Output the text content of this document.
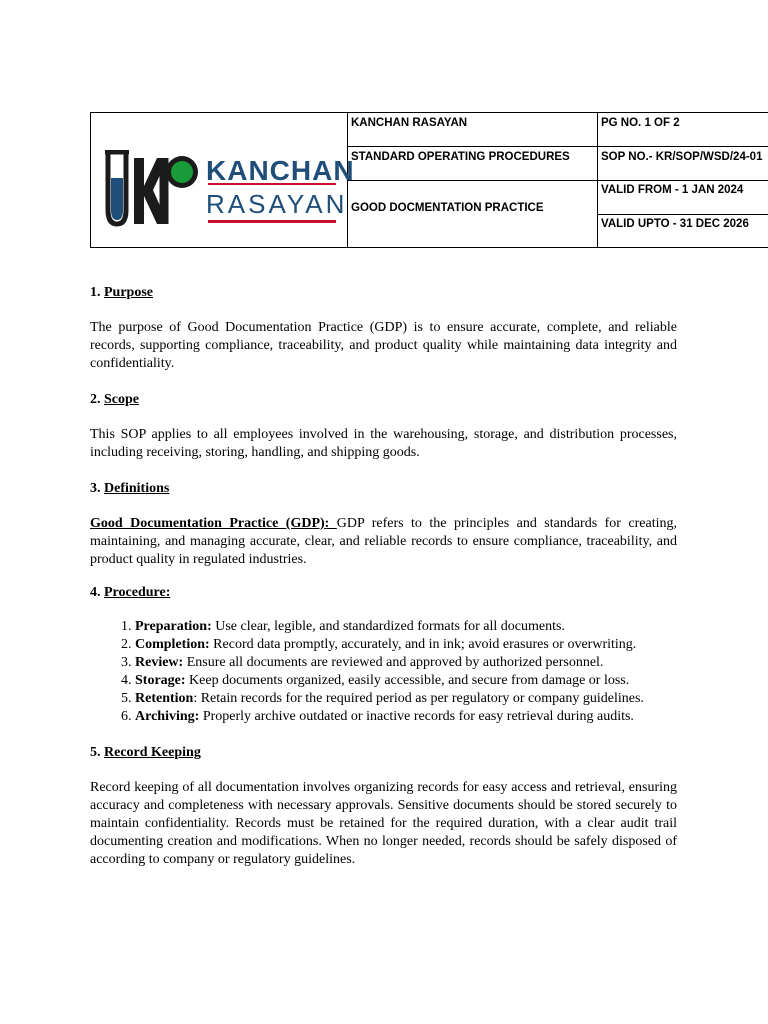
KANCHAN
RASAYAN
KANCHAN RASAYAN
STANDARD OPERATING PROCEDURES
GOOD DOCMENTATION PRACTICE
PG NO. 1 OF 2
SOP NO.- KR/SOP/WSD/24-01
VALID FROM - 1 JAN 2024
VALID UPTO - 31 DEC 2026
1. Purpose

The purpose of Good Documentation Practice (GDP) is to ensure accurate, complete, and reliable records, supporting compliance, traceability, and product quality while maintaining data integrity and confidentiality.

2. Scope

This SOP applies to all employees involved in the warehousing, storage, and distribution processes, including receiving, storing, handling, and shipping goods.

3. Definitions

Good Documentation Practice (GDP): GDP refers to the principles and standards for creating, maintaining, and managing accurate, clear, and reliable records to ensure compliance, traceability, and product quality in regulated industries.

4. Procedure:
1. Preparation: Use clear, legible, and standardized formats for all documents.
2. Completion: Record data promptly, accurately, and in ink; avoid erasures or overwriting.
3. Review: Ensure all documents are reviewed and approved by authorized personnel.
4. Storage: Keep documents organized, easily accessible, and secure from damage or loss.
5. Retention: Retain records for the required period as per regulatory or company guidelines.
6. Archiving: Properly archive outdated or inactive records for easy retrieval during audits.
5. Record Keeping

Record keeping of all documentation involves organizing records for easy access and retrieval, ensuring accuracy and completeness with necessary approvals. Sensitive documents should be stored securely to maintain confidentiality. Records must be retained for the required duration, with a clear audit trail documenting creation and modifications. When no longer needed, records should be safely disposed of according to company or regulatory guidelines.
